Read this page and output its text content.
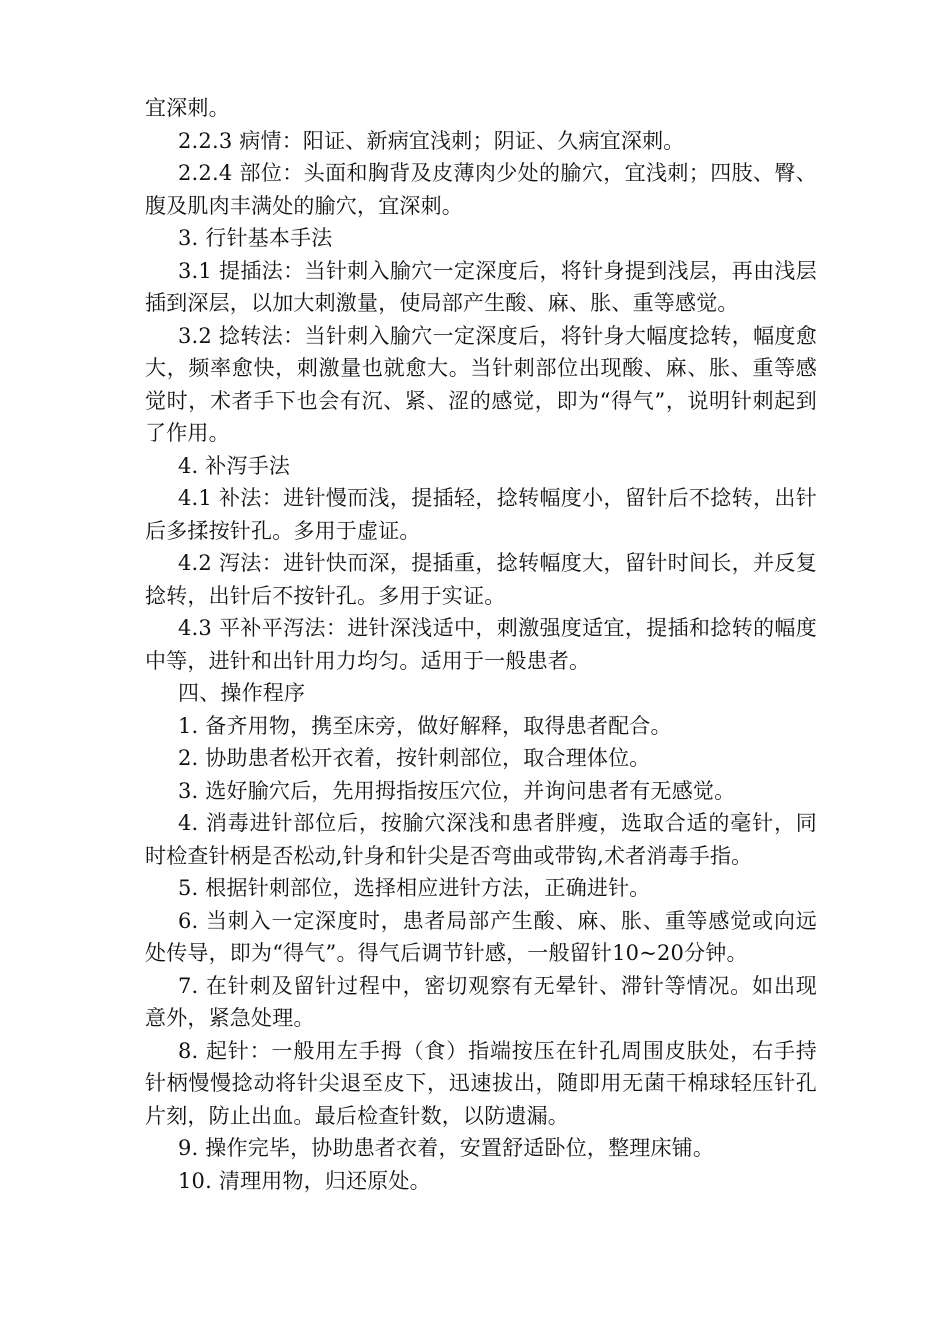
宜深刺。

2.2.3 病情：阳证、新病宜浅刺；阴证、久病宜深刺。

2.2.4 部位：头面和胸背及皮薄肉少处的腧穴，宜浅刺；四肢、臀、腹及肌肉丰满处的腧穴，宜深刺。

3. 行针基本手法

3.1 提插法：当针刺入腧穴一定深度后，将针身提到浅层，再由浅层插到深层，以加大刺激量，使局部产生酸、麻、胀、重等感觉。

3.2 捻转法：当针刺入腧穴一定深度后，将针身大幅度捻转，幅度愈大，频率愈快，刺激量也就愈大。当针刺部位出现酸、麻、胀、重等感觉时，术者手下也会有沉、紧、涩的感觉，即为“得气”，说明针刺起到了作用。

4. 补泻手法

4.1 补法：进针慢而浅，提插轻，捻转幅度小，留针后不捻转，出针后多揉按针孔。多用于虚证。

4.2 泻法：进针快而深，提插重，捻转幅度大，留针时间长，并反复捻转，出针后不按针孔。多用于实证。

4.3 平补平泻法：进针深浅适中，刺激强度适宜，提插和捻转的幅度中等，进针和出针用力均匀。适用于一般患者。

四、操作程序

1. 备齐用物，携至床旁，做好解释，取得患者配合。

2. 协助患者松开衣着，按针刺部位，取合理体位。

3. 选好腧穴后，先用拇指按压穴位，并询问患者有无感觉。

4. 消毒进针部位后，按腧穴深浅和患者胖瘦，选取合适的毫针，同时检查针柄是否松动,针身和针尖是否弯曲或带钩,术者消毒手指。

5. 根据针刺部位，选择相应进针方法，正确进针。

6. 当刺入一定深度时，患者局部产生酸、麻、胀、重等感觉或向远处传导，即为“得气”。得气后调节针感，一般留针10~20分钟。

7. 在针刺及留针过程中，密切观察有无晕针、滞针等情况。如出现意外，紧急处理。

8. 起针：一般用左手拇（食）指端按压在针孔周围皮肤处，右手持针柄慢慢捻动将针尖退至皮下，迅速拔出，随即用无菌干棉球轻压针孔片刻，防止出血。最后检查针数，以防遗漏。

9. 操作完毕，协助患者衣着，安置舒适卧位，整理床铺。

10. 清理用物，归还原处。
